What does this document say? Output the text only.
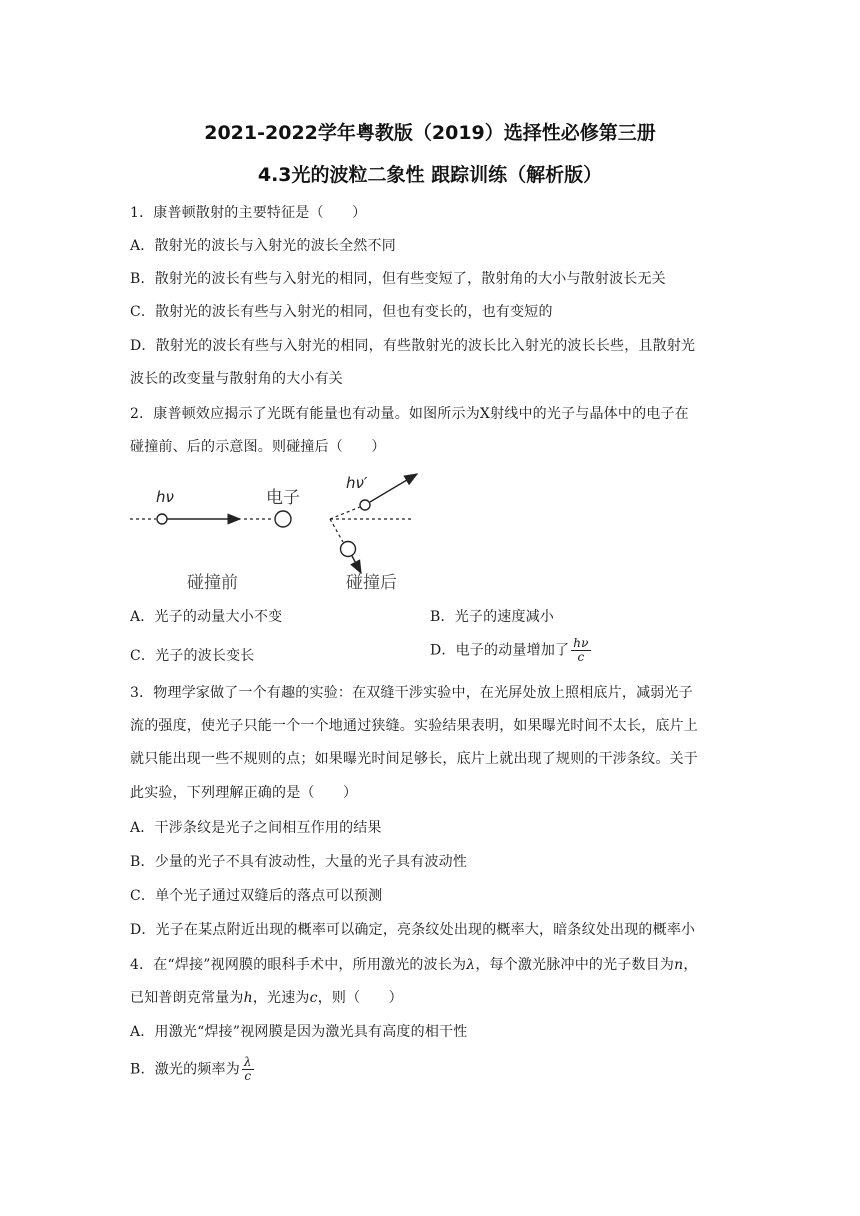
2021-2022学年粤教版（2019）选择性必修第三册
4.3光的波粒二象性 跟踪训练（解析版）
1．康普顿散射的主要特征是（　　）
A．散射光的波长与入射光的波长全然不同
B．散射光的波长有些与入射光的相同，但有些变短了，散射角的大小与散射波长无关
C．散射光的波长有些与入射光的相同，但也有变长的，也有变短的
D．散射光的波长有些与入射光的相同，有些散射光的波长比入射光的波长长些，且散射光
波长的改变量与散射角的大小有关
2．康普顿效应揭示了光既有能量也有动量。如图所示为X射线中的光子与晶体中的电子在
碰撞前、后的示意图。则碰撞后（　　）
hν	电子
碰撞前
hν′
碰撞后
A．光子的动量大小不变	B．光子的速度减小
C．光子的波长变长	D．电子的动量增加了 $\frac{h\nu}{c}$
3．物理学家做了一个有趣的实验：在双缝干涉实验中，在光屏处放上照相底片，减弱光子
流的强度，使光子只能一个一个地通过狭缝。实验结果表明，如果曝光时间不太长，底片上
就只能出现一些不规则的点；如果曝光时间足够长，底片上就出现了规则的干涉条纹。关于
此实验，下列理解正确的是（　　）
A．干涉条纹是光子之间相互作用的结果
B．少量的光子不具有波动性，大量的光子具有波动性
C．单个光子通过双缝后的落点可以预测
D．光子在某点附近出现的概率可以确定，亮条纹处出现的概率大，暗条纹处出现的概率小
4．在“焊接”视网膜的眼科手术中，所用激光的波长为λ，每个激光脉冲中的光子数目为n，
已知普朗克常量为h，光速为c，则（　　）
A．用激光“焊接”视网膜是因为激光具有高度的相干性
B．激光的频率为 $\frac{\lambda}{c}$
